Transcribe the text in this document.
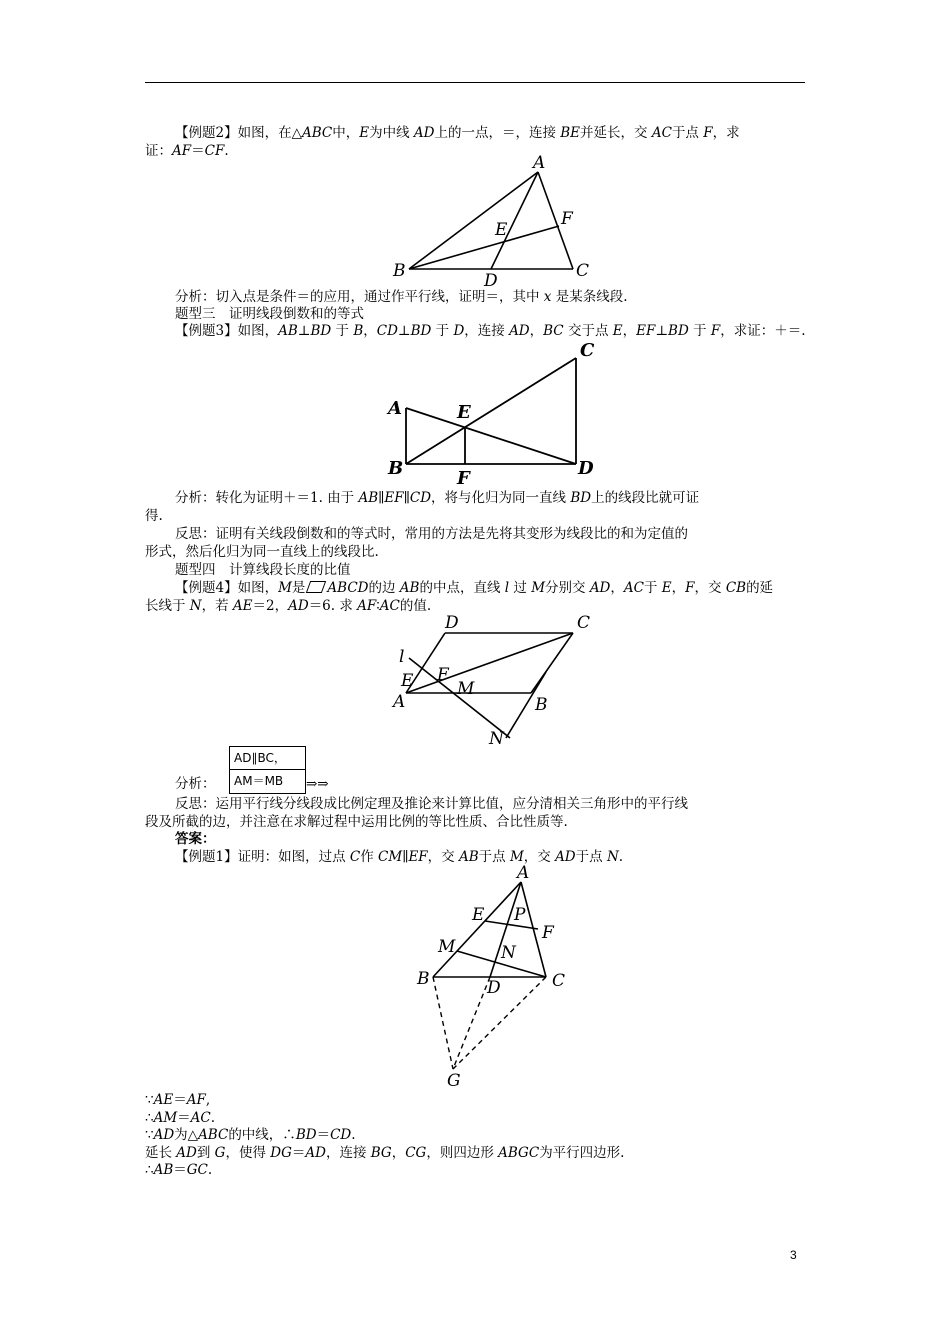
【例题2】如图，在△ABC中，E为中线 AD上的一点，＝，连接 BE并延长，交 AC于点 F，求
证：AF＝CF.
A
B	C
D
E
F
分析：切入点是条件＝的应用，通过作平行线，证明＝，其中 x 是某条线段.
题型三　证明线段倒数和的等式
【例题3】如图，AB⊥BD 于 B，CD⊥BD 于 D，连接 AD，BC 交于点 E，EF⊥BD 于 F，求证：＋＝.
A
B
C
D
E
F
分析：转化为证明＋＝1. 由于 AB∥EF∥CD，将与化归为同一直线 BD上的线段比就可证
得.
反思：证明有关线段倒数和的等式时，常用的方法是先将其变形为线段比的和为定值的
形式，然后化归为同一直线上的线段比.
题型四　计算线段长度的比值
【例题4】如图，M是 ABCD的边 AB的中点，直线 l 过 M分别交 AD，AC于 E，F，交 CB的延
长线于 N，若 AE＝2，AD＝6. 求 AF∶AC的值.
D	C
A	B
E F
M
N
l
分析：
AD∥BC，
AM＝MB	⇒⇒
反思：运用平行线分线段成比例定理及推论来计算比值，应分清相关三角形中的平行线
段及所截的边，并注意在求解过程中运用比例的等比性质、合比性质等.
答案：
【例题1】证明：如图，过点 C作 CM∥EF，交 AB于点 M，交 AD于点 N.
A
B	C
D
E
F
G
M	N
P
∵AE＝AF,
∴AM＝AC.
∵AD为△ABC的中线，∴BD＝CD.
延长 AD到 G，使得 DG＝AD，连接 BG，CG，则四边形 ABGC为平行四边形.
∴AB＝GC.
3
